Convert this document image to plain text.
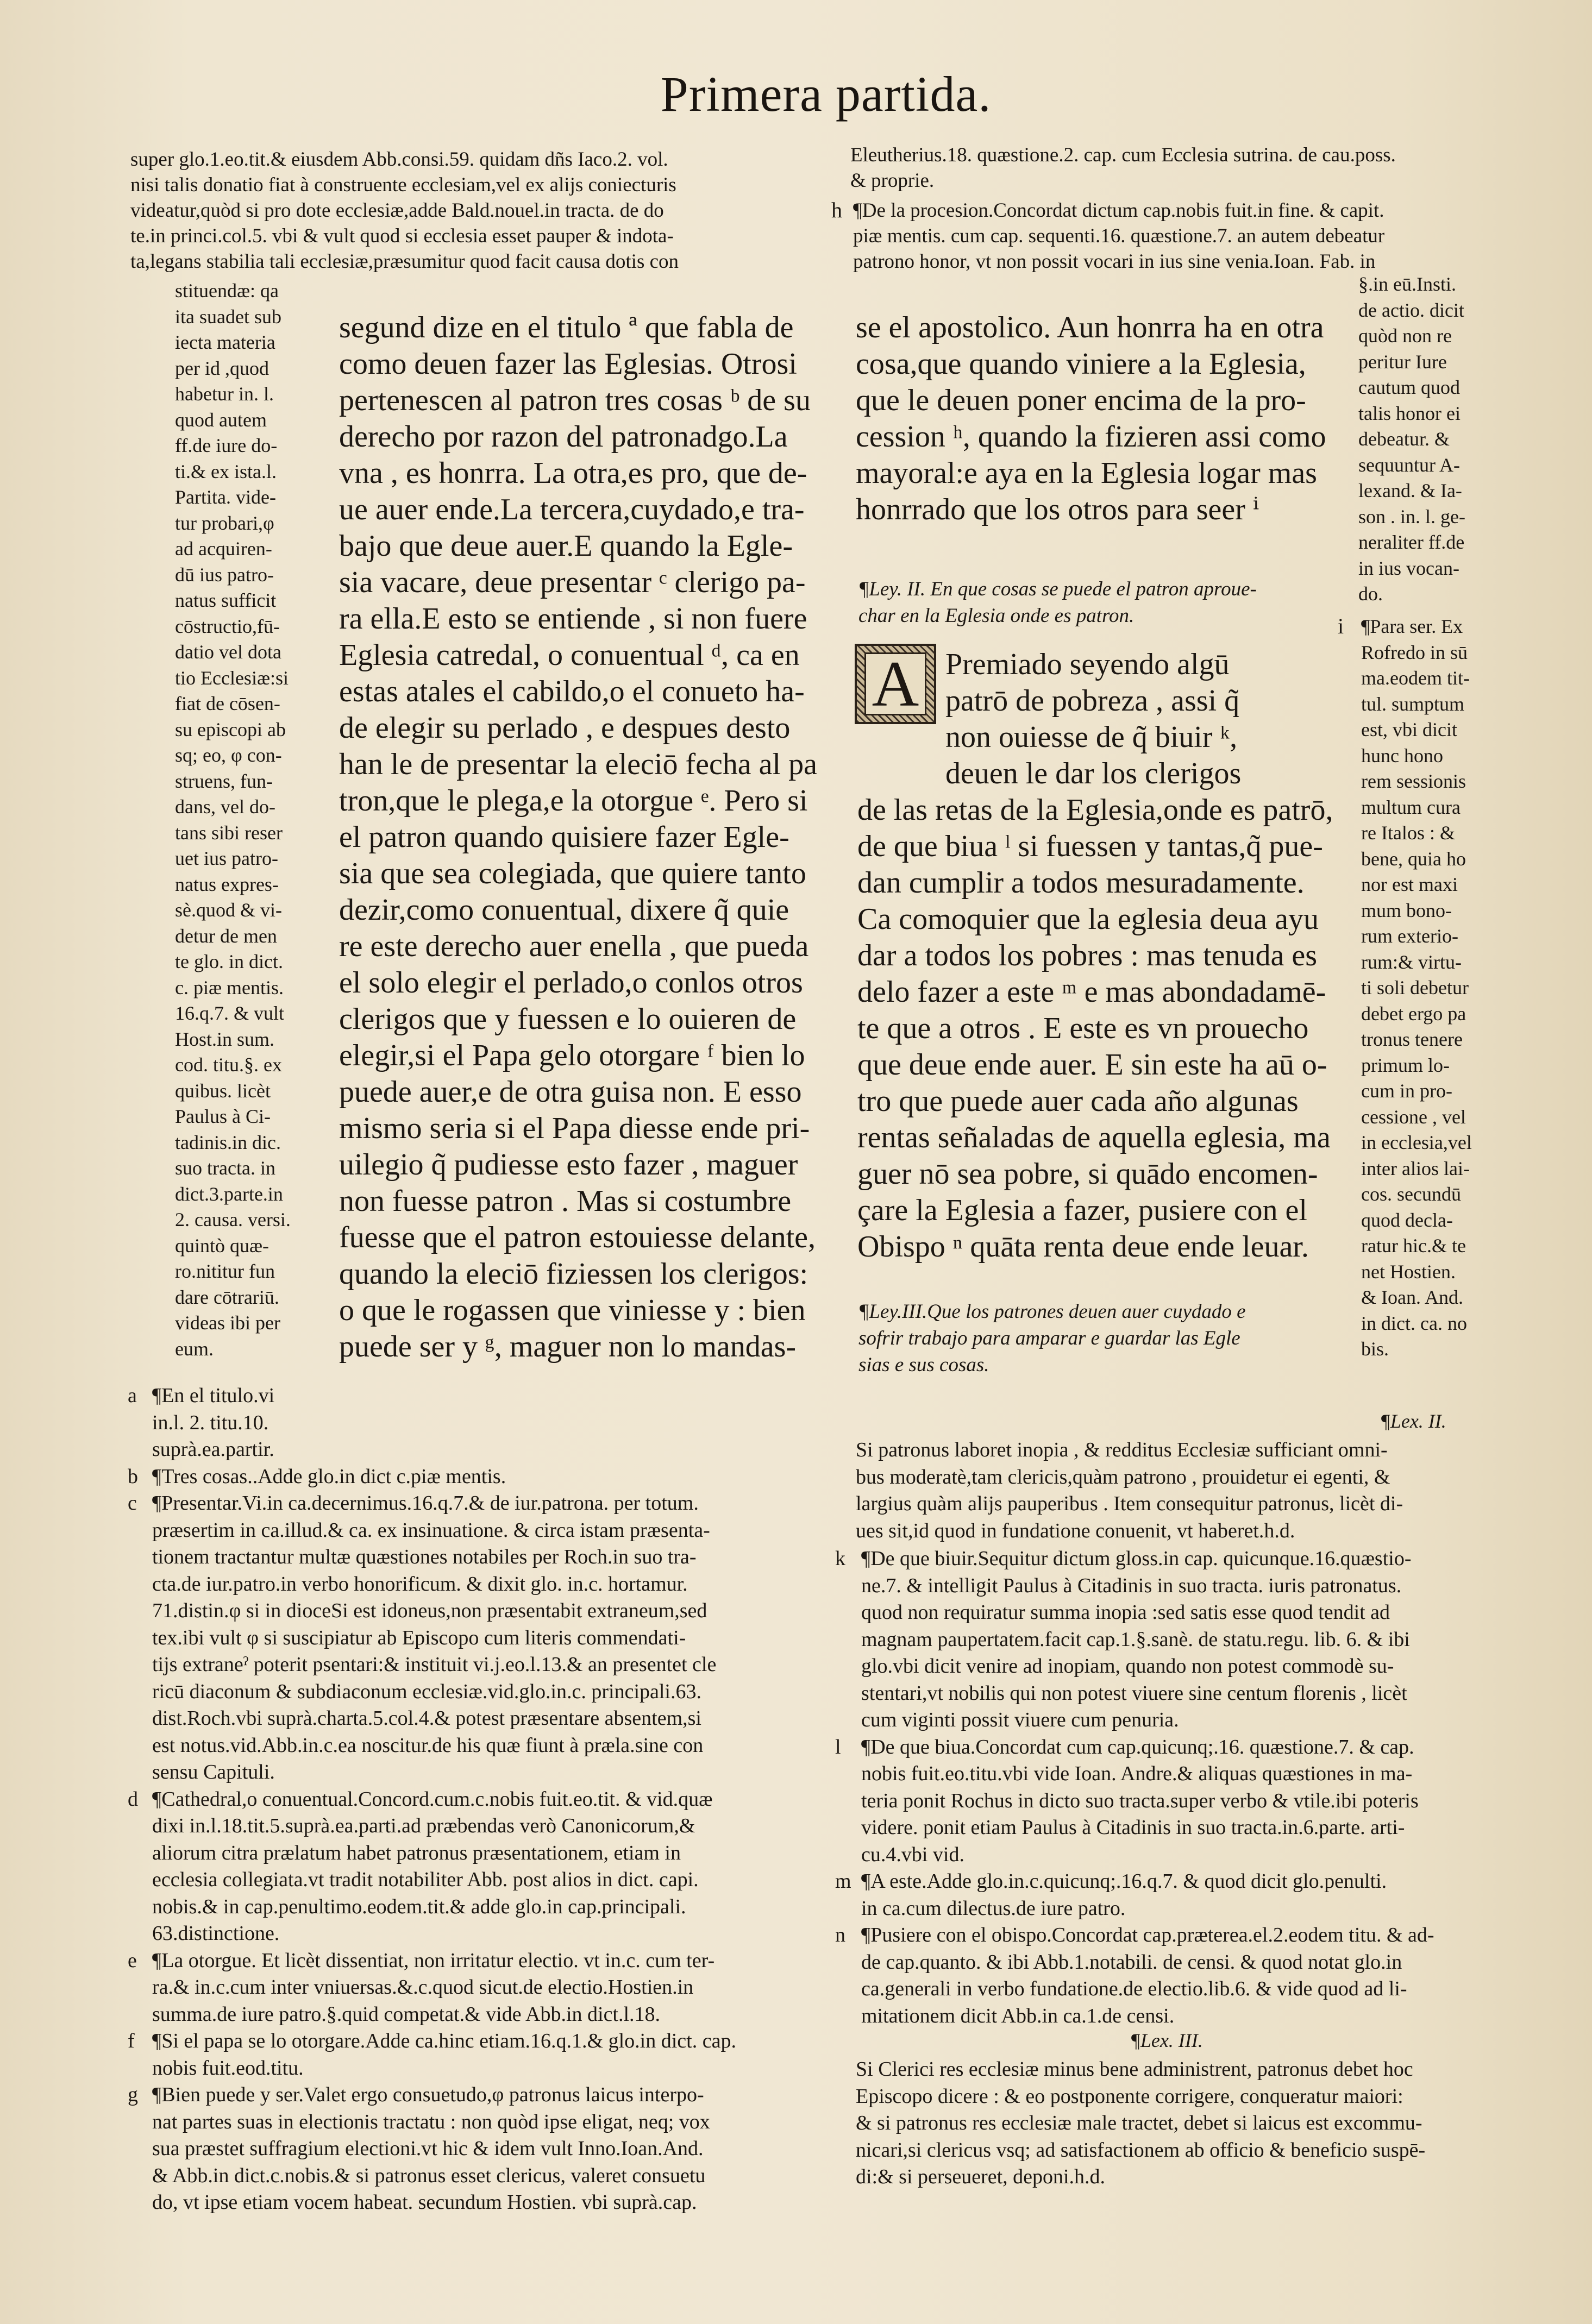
Primera partida.
super glo.1.eo.tit.& eiusdem Abb.consi.59. quidam dñs Iaco.2. vol.
nisi talis donatio fiat à construente ecclesiam,vel ex alijs coniecturis
videatur,quòd si pro dote ecclesiæ,adde Bald.nouel.in tracta. de do
te.in princi.col.5. vbi & vult quod si ecclesia esset pauper & indota-
ta,legans stabilia tali ecclesiæ,præsumitur quod facit causa dotis con
Eleutherius.18. quæstione.2. cap. cum Ecclesia sutrina. de cau.poss.
& proprie.
h ¶De la procesion.Concordat dictum cap.nobis fuit.in fine. & capit.
piæ mentis. cum cap. sequenti.16. quæstione.7. an autem debeatur
patrono honor, vt non possit vocari in ius sine venia.Ioan. Fab. in
stituendæ: qa
ita suadet sub
iecta materia
per id ,quod
habetur in. l.
quod autem
ff.de iure do-
ti.& ex ista.l.
Partita. vide-
tur probari,φ
ad acquiren-
dū ius patro-
natus sufficit
cōstructio,fū-
datio vel dota
tio Ecclesiæ:si
fiat de cōsen-
su episcopi ab
sq; eo, φ con-
struens, fun-
dans, vel do-
tans sibi reser
uet ius patro-
natus expres-
sè.quod & vi-
detur de men
te glo. in dict.
c. piæ mentis.
16.q.7. & vult
Host.in sum.
cod. titu.§. ex
quibus. licèt
Paulus à Ci-
tadinis.in dic.
suo tracta. in
dict.3.parte.in
2. causa. versi.
quintò quæ-
ro.nititur fun
dare cōtrariū.
videas ibi per
eum.
segund dize en el titulo ª que fabla de
como deuen fazer las Eglesias. Otrosi
pertenescen al patron tres cosas ᵇ de su
derecho por razon del patronadgo.La
vna , es honrra. La otra,es pro, que de-
ue auer ende.La tercera,cuydado,e tra-
bajo que deue auer.E quando la Egle-
sia vacare, deue presentar ᶜ clerigo pa-
ra ella.E esto se entiende , si non fuere
Eglesia catredal, o conuentual ᵈ, ca en
estas atales el cabildo,o el conueto ha-
de elegir su perlado , e despues desto
han le de presentar la eleciō fecha al pa
tron,que le plega,e la otorgue ᵉ. Pero si
el patron quando quisiere fazer Egle-
sia que sea colegiada, que quiere tanto
dezir,como conuentual, dixere q̃ quie
re este derecho auer enella , que pueda
el solo elegir el perlado,o conlos otros
clerigos que y fuessen e lo ouieren de
elegir,si el Papa gelo otorgare ᶠ bien lo
puede auer,e de otra guisa non. E esso
mismo seria si el Papa diesse ende pri-
uilegio q̃ pudiesse esto fazer , maguer
non fuesse patron . Mas si costumbre
fuesse que el patron estouiesse delante,
quando la eleciō fiziessen los clerigos:
o que le rogassen que viniesse y : bien
puede ser y ᵍ, maguer non lo mandas-
se el apostolico. Aun honrra ha en otra
cosa,que quando viniere a la Eglesia,
que le deuen poner encima de la pro-
cession ʰ, quando la fizieren assi como
mayoral:e aya en la Eglesia logar mas
honrrado que los otros para seer ⁱ
¶Ley. II. En que cosas se puede el patron aproue-
char en la Eglesia onde es patron.
A Premiado seyendo algū
patrō de pobreza , assi q̃
non ouiesse de q̃ biuir ᵏ,
deuen le dar los clerigos
de las retas de la Eglesia,onde es patrō,
de que biua ˡ si fuessen y tantas,q̃ pue-
dan cumplir a todos mesuradamente.
Ca comoquier que la eglesia deua ayu
dar a todos los pobres : mas tenuda es
delo fazer a este ᵐ e mas abondadamē-
te que a otros . E este es vn prouecho
que deue ende auer. E sin este ha aū o-
tro que puede auer cada año algunas
rentas señaladas de aquella eglesia, ma
guer nō sea pobre, si quādo encomen-
çare la Eglesia a fazer, pusiere con el
Obispo ⁿ quāta renta deue ende leuar.
¶Ley.III.Que los patrones deuen auer cuydado e
sofrir trabajo para amparar e guardar las Egle
sias e sus cosas.
§.in eū.Insti.
de actio. dicit
quòd non re
peritur Iure
cautum quod
talis honor ei
debeatur. &
sequuntur A-
lexand. & Ia-
son . in. l. ge-
neraliter ff.de
in ius vocan-
do.
i ¶Para ser. Ex
Rofredo in sū
ma.eodem tit-
tul. sumptum
est, vbi dicit
hunc hono
rem sessionis
multum cura
re Italos : &
bene, quia ho
nor est maxi
mum bono-
rum exterio-
rum:& virtu-
ti soli debetur
debet ergo pa
tronus tenere
primum lo-
cum in pro-
cessione , vel
in ecclesia,vel
inter alios lai-
cos. secundū
quod decla-
ratur hic.& te
net Hostien.
& Ioan. And.
in dict. ca. no
bis.
a ¶En el titulo.vi
in.l. 2. titu.10.
suprà.ea.partir.
b ¶Tres cosas..Adde glo.in dict c.piæ mentis.
c ¶Presentar.Vi.in ca.decernimus.16.q.7.& de iur.patrona. per totum.
præsertim in ca.illud.& ca. ex insinuatione. & circa istam præsenta-
tionem tractantur multæ quæstiones notabiles per Roch.in suo tra-
cta.de iur.patro.in verbo honorificum. & dixit glo. in.c. hortamur.
71.distin.φ si in dioceSi est idoneus,non præsentabit extraneum,sed
tex.ibi vult φ si suscipiatur ab Episcopo cum literis commendati-
tijs extraneˀ poterit psentari:& instituit vi.j.eo.l.13.& an presentet cle
ricū diaconum & subdiaconum ecclesiæ.vid.glo.in.c. principali.63.
dist.Roch.vbi suprà.charta.5.col.4.& potest præsentare absentem,si
est notus.vid.Abb.in.c.ea noscitur.de his quæ fiunt à præla.sine con
sensu Capituli.
d ¶Cathedral,o conuentual.Concord.cum.c.nobis fuit.eo.tit. & vid.quæ
dixi in.l.18.tit.5.suprà.ea.parti.ad præbendas verò Canonicorum,&
aliorum citra prælatum habet patronus præsentationem, etiam in
ecclesia collegiata.vt tradit notabiliter Abb. post alios in dict. capi.
nobis.& in cap.penultimo.eodem.tit.& adde glo.in cap.principali.
63.distinctione.
e ¶La otorgue. Et licèt dissentiat, non irritatur electio. vt in.c. cum ter-
ra.& in.c.cum inter vniuersas.&.c.quod sicut.de electio.Hostien.in
summa.de iure patro.§.quid competat.& vide Abb.in dict.l.18.
f ¶Si el papa se lo otorgare.Adde ca.hinc etiam.16.q.1.& glo.in dict. cap.
nobis fuit.eod.titu.
g ¶Bien puede y ser.Valet ergo consuetudo,φ patronus laicus interpo-
nat partes suas in electionis tractatu : non quòd ipse eligat, neq; vox
sua præstet suffragium electioni.vt hic & idem vult Inno.Ioan.And.
& Abb.in dict.c.nobis.& si patronus esset clericus, valeret consuetu
do, vt ipse etiam vocem habeat. secundum Hostien. vbi suprà.cap.
¶Lex. II.
Si patronus laboret inopia , & redditus Ecclesiæ sufficiant omni-
bus moderatè,tam clericis,quàm patrono , prouidetur ei egenti, &
largius quàm alijs pauperibus . Item consequitur patronus, licèt di-
ues sit,id quod in fundatione conuenit, vt haberet.h.d.
k ¶De que biuir.Sequitur dictum gloss.in cap. quicunque.16.quæstio-
ne.7. & intelligit Paulus à Citadinis in suo tracta. iuris patronatus.
quod non requiratur summa inopia :sed satis esse quod tendit ad
magnam paupertatem.facit cap.1.§.sanè. de statu.regu. lib. 6. & ibi
glo.vbi dicit venire ad inopiam, quando non potest commodè su-
stentari,vt nobilis qui non potest viuere sine centum florenis , licèt
cum viginti possit viuere cum penuria.
l ¶De que biua.Concordat cum cap.quicunq;.16. quæstione.7. & cap.
nobis fuit.eo.titu.vbi vide Ioan. Andre.& aliquas quæstiones in ma-
teria ponit Rochus in dicto suo tracta.super verbo & vtile.ibi poteris
videre. ponit etiam Paulus à Citadinis in suo tracta.in.6.parte. arti-
cu.4.vbi vid.
m ¶A este.Adde glo.in.c.quicunq;.16.q.7. & quod dicit glo.penulti.
in ca.cum dilectus.de iure patro.
n ¶Pusiere con el obispo.Concordat cap.præterea.el.2.eodem titu. & ad-
de cap.quanto. & ibi Abb.1.notabili. de censi. & quod notat glo.in
ca.generali in verbo fundatione.de electio.lib.6. & vide quod ad li-
mitationem dicit Abb.in ca.1.de censi.
¶Lex. III.
Si Clerici res ecclesiæ minus bene administrent, patronus debet hoc
Episcopo dicere : & eo postponente corrigere, conqueratur maiori:
& si patronus res ecclesiæ male tractet, debet si laicus est excommu-
nicari,si clericus vsq; ad satisfactionem ab officio & beneficio suspē-
di:& si perseueret, deponi.h.d.
